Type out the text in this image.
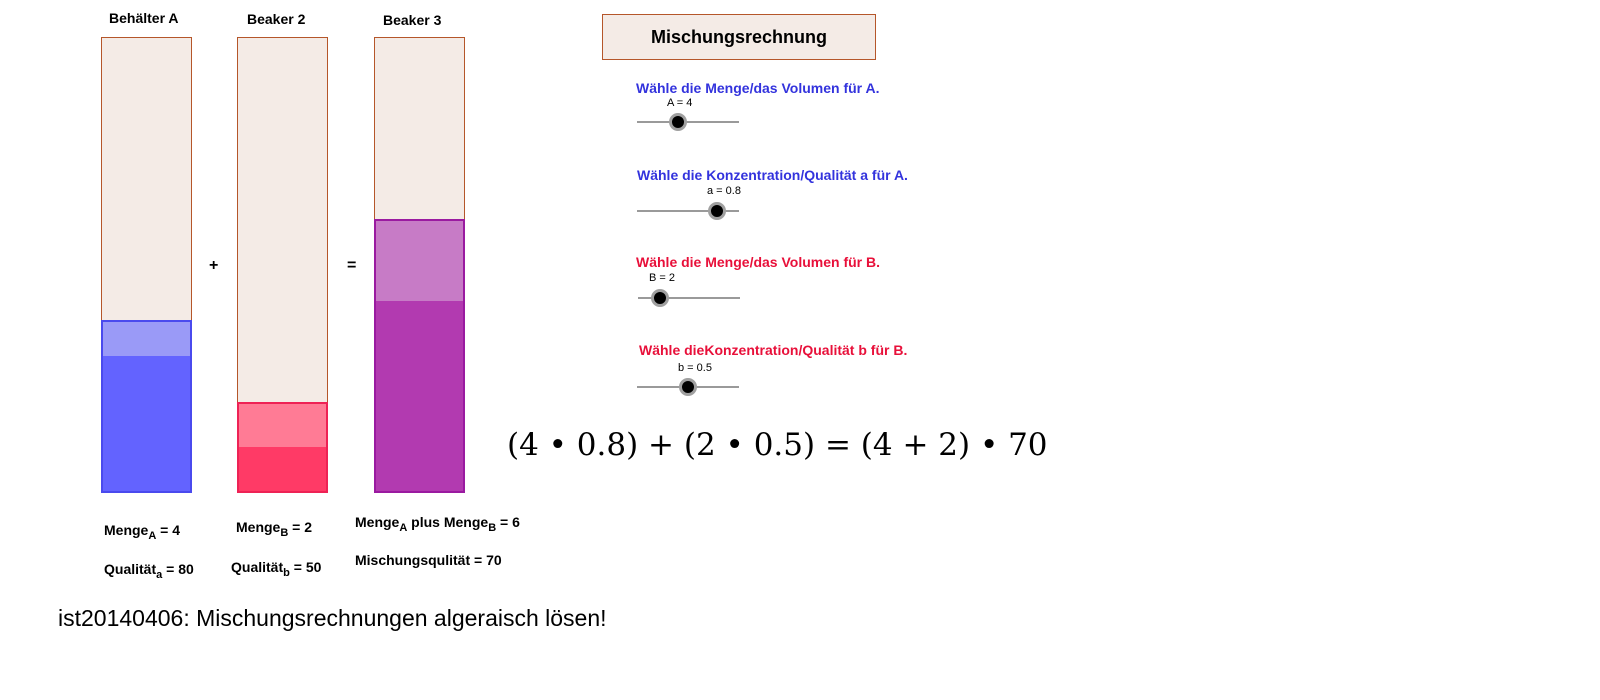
Behälter A	Beaker 2	Beaker 3
+	=
Menge$_A$ = 4
Qualität$_a$ = 80
Menge$_B$ = 2
Qualität$_b$ = 50
Menge$_A$ plus Menge$_B$ = 6
Mischungsqulität = 70
Mischungsrechnung
Wähle die Menge/das Volumen für A.
A = 4
Wähle die Konzentration/Qualität a für A.
a = 0.8
Wähle die Menge/das Volumen für B.
B = 2
Wähle dieKonzentration/Qualität b für B.
b = 0.5
(4 • 0.8) + (2 • 0.5) = (4 + 2) • 70
ist20140406: Mischungsrechnungen algeraisch lösen!
